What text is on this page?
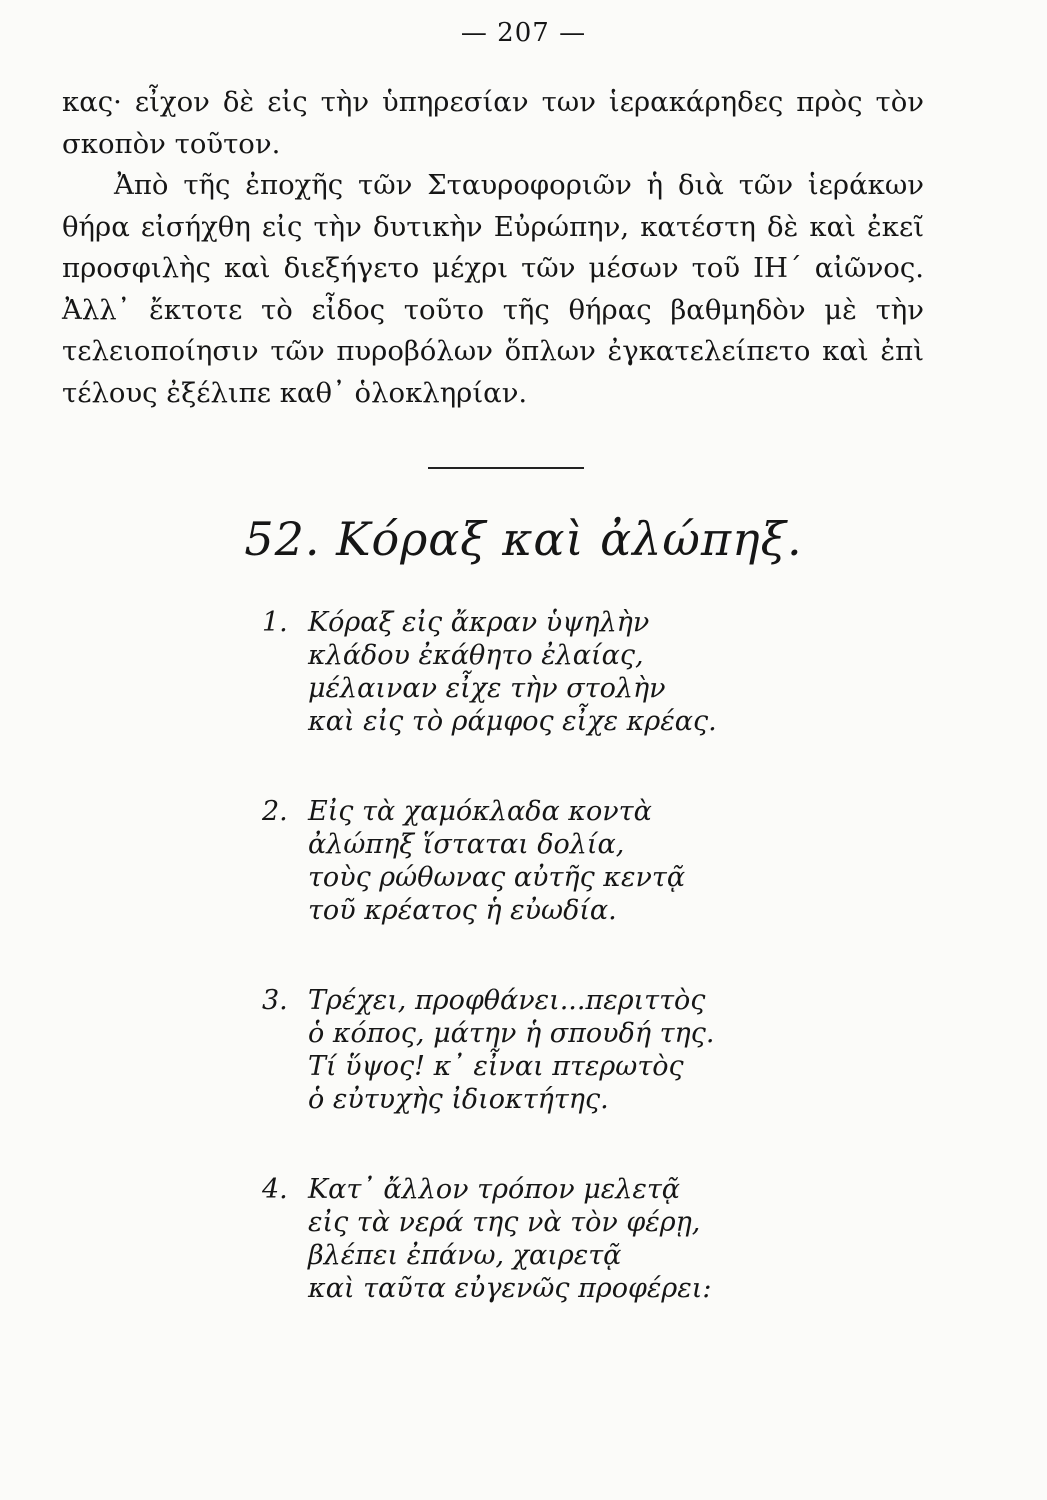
— 207 —

κας· εἶχον δὲ εἰς τὴν ὑπηρεσίαν των ἱερακάρηδες πρὸς τὸν σκοπὸν τοῦτον.

Ἀπὸ τῆς ἐποχῆς τῶν Σταυροφοριῶν ἡ διὰ τῶν ἱεράκων θήρα εἰσήχθη εἰς τὴν δυτικὴν Εὐρώπην, κατέστη δὲ καὶ ἐκεῖ προσφιλὴς καὶ διεξήγετο μέχρι τῶν μέσων τοῦ ΙΗ΄ αἰῶνος. Ἀλλ᾽ ἔκτοτε τὸ εἶδος τοῦτο τῆς θήρας βαθμηδὸν μὲ τὴν τελειοποίησιν τῶν πυροβόλων ὅπλων ἐγκατελείπετο καὶ ἐπὶ τέλους ἐξέλιπε καθ᾽ ὁλοκληρίαν.

52. Κόραξ καὶ ἀλώπηξ.
1. Κόραξ εἰς ἄκραν ὑψηλὴν
κλάδου ἐκάθητο ἐλαίας,
μέλαιναν εἶχε τὴν στολὴν
καὶ εἰς τὸ ράμφος εἶχε κρέας.
2. Εἰς τὰ χαμόκλαδα κοντὰ
ἀλώπηξ ἵσταται δολία,
τοὺς ρώθωνας αὐτῆς κεντᾷ
τοῦ κρέατος ἡ εὐωδία.
3. Τρέχει, προφθάνει...περιττὸς
ὁ κόπος, μάτην ἡ σπουδή της.
Τί ὕψος! κ᾽ εἶναι πτερωτὸς
ὁ εὐτυχὴς ἰδιοκτήτης.
4. Κατ᾽ ἄλλον τρόπον μελετᾷ
εἰς τὰ νερά της νὰ τὸν φέρῃ,
βλέπει ἐπάνω, χαιρετᾷ
καὶ ταῦτα εὐγενῶς προφέρει:
